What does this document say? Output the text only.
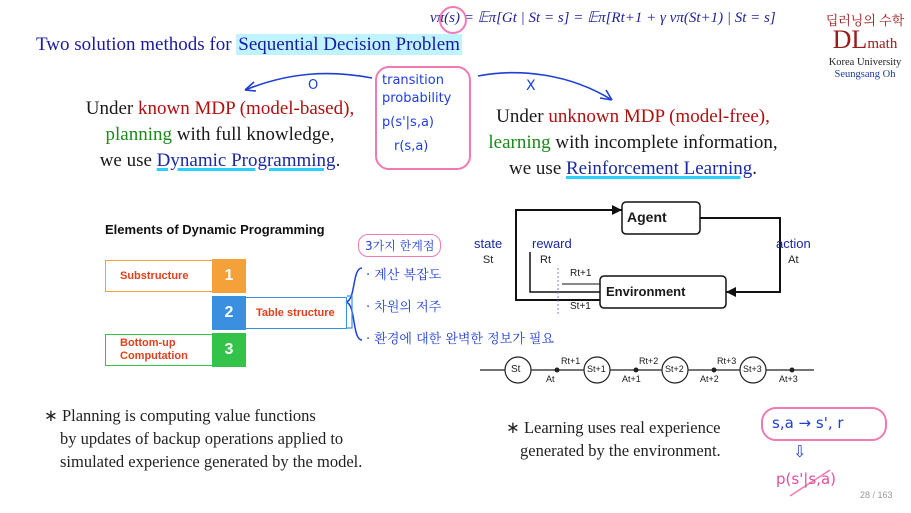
vπ(s) = 𝔼π[Gt | St = s] = 𝔼π[Rt+1 + γ vπ(St+1) | St = s]
Two solution methods for Sequential Decision Problem
딥러닝의 수학
DLmath
Korea University
Seungsang Oh
O	X
transition
probability
p(s'|s,a)
r(s,a)
Under known MDP (model-based),
planning with full knowledge,
we use Dynamic Programming.
Under unknown MDP (model-free),
learning with incomplete information,
we use Reinforcement Learning.
Elements of Dynamic Programming
Substructure	1
2	Table structure
Bottom-up Computation	3
3가지 한계점
· 계산 복잡도
· 차원의 저주
· 환경에 대한 완벽한 정보가 필요
Agent
Environment
state
St
reward
Rt
action
At
Rt+1
St+1
St	St+1	St+2	St+3
Rt+1	Rt+2	Rt+3
At	At+1	At+2	At+3
∗ Planning is computing value functions
by updates of backup operations applied to
simulated experience generated by the model.
∗ Learning uses real experience
generated by the environment.
s,a → s', r
⇩
p(s'|s,a)
28 / 163
